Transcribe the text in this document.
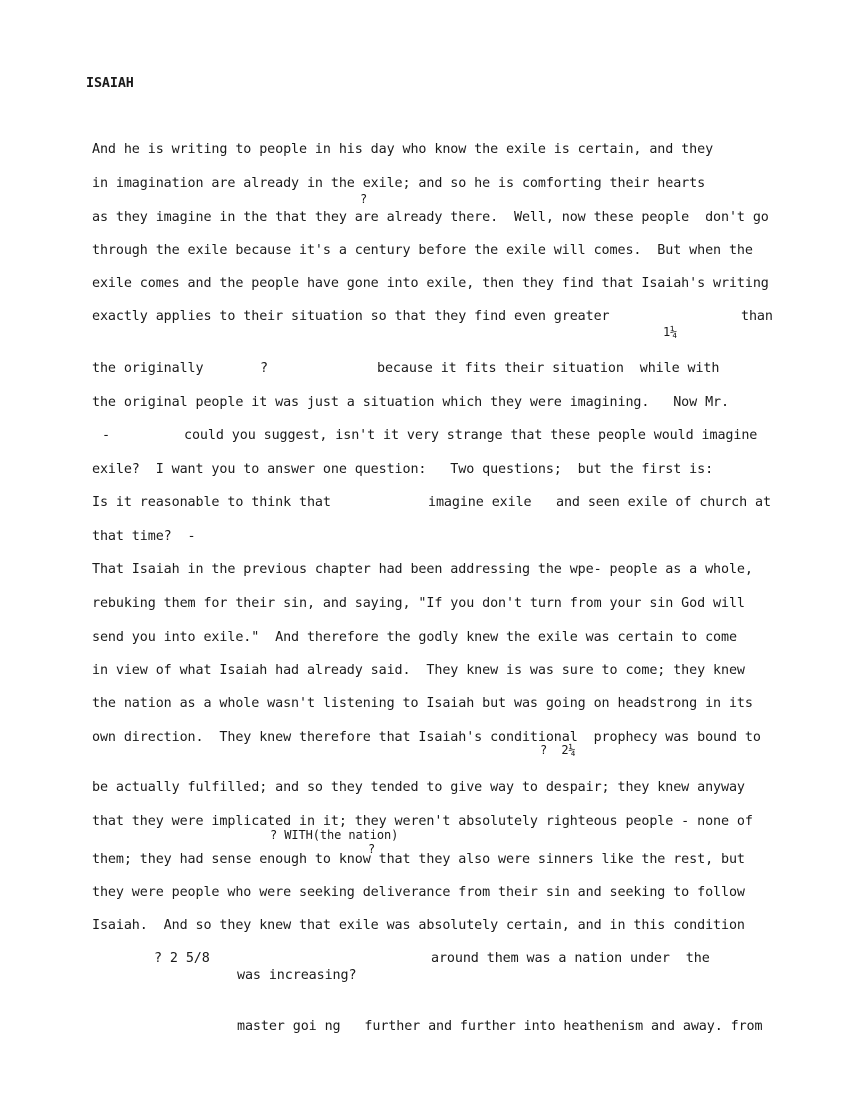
ISAIAH
?
1¼
?  2¼
? WITH(the nation)
?
And he is writing to people in his day who know the exile is certain, and they
in imagination are already in the exile; and so he is comforting their hearts
as they imagine in the that they are already there.  Well, now these people  don't go
through the exile because it's a century before the exile will comes.  But when the
exile comes and the people have gone into exile, then they find that Isaiah's writing
exactly applies to their situation so that they find even greater	than
the originally	?	because it fits their situation  while with
the original people it was just a situation which they were imagining.   Now Mr.
-	could you suggest, isn't it very strange that these people would imagine
exile?  I want you to answer one question:   Two questions;  but the first is:
Is it reasonable to think that	imagine exile and seen exile of church at
that time?  -
That Isaiah in the previous chapter had been addressing the wpe- people as a whole,
rebuking them for their sin, and saying, "If you don't turn from your sin God will
send you into exile."  And therefore the godly knew the exile was certain to come
in view of what Isaiah had already said.  They knew is was sure to come; they knew
the nation as a whole wasn't listening to Isaiah but was going on headstrong in its
own direction.  They knew therefore that Isaiah's conditional  prophecy was bound to
be actually fulfilled; and so they tended to give way to despair; they knew anyway
that they were implicated in it; they weren't absolutely righteous people - none of
them; they had sense enough to know that they also were sinners like the rest, but
they were people who were seeking deliverance from their sin and seeking to follow
Isaiah.  And so they knew that exile was absolutely certain, and in this condition
? 2 5/8	around them was a nation under  the
was increasing?
master goi ng   further and further into heathenism and away. from
